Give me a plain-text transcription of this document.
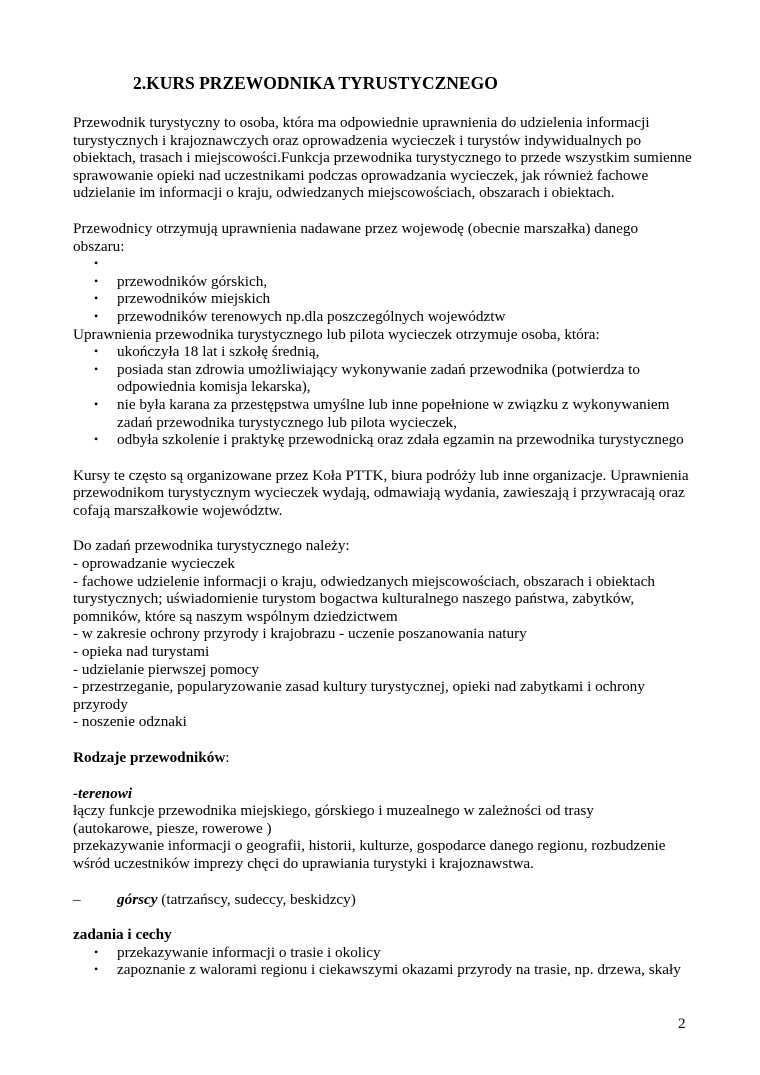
2.KURS PRZEWODNIKA TYRUSTYCZNEGO

Przewodnik turystyczny to osoba, która ma odpowiednie uprawnienia do udzielenia informacji turystycznych i krajoznawczych oraz oprowadzenia wycieczek i turystów indywidualnych po obiektach, trasach i miejscowości.Funkcja przewodnika turystycznego to przede wszystkim sumienne sprawowanie opieki nad uczestnikami podczas oprowadzania wycieczek, jak również fachowe udzielanie im informacji o kraju, odwiedzanych miejscowościach, obszarach i obiektach.

Przewodnicy otrzymują uprawnienia nadawane przez wojewodę (obecnie marszałka) danego obszaru:

•
• przewodników górskich,
• przewodników miejskich
• przewodników terenowych np.dla poszczególnych województw

Uprawnienia przewodnika turystycznego lub pilota wycieczek otrzymuje osoba, która:

• ukończyła 18 lat i szkołę średnią,
• posiada stan zdrowia umożliwiający wykonywanie zadań przewodnika (potwierdza to odpowiednia komisja lekarska),
• nie była karana za przestępstwa umyślne lub inne popełnione w związku z wykonywaniem zadań przewodnika turystycznego lub pilota wycieczek,
• odbyła szkolenie i praktykę przewodnicką oraz zdała egzamin na przewodnika turystycznego

Kursy te często są organizowane przez Koła PTTK, biura podróży lub inne organizacje. Uprawnienia przewodnikom turystycznym wycieczek wydają, odmawiają wydania, zawieszają i przywracają oraz cofają marszałkowie województw.

Do zadań przewodnika turystycznego należy:

- oprowadzanie wycieczek

- fachowe udzielenie informacji o kraju, odwiedzanych miejscowościach, obszarach i obiektach turystycznych; uświadomienie turystom bogactwa kulturalnego naszego państwa, zabytków, pomników, które są naszym wspólnym dziedzictwem

- w zakresie ochrony przyrody i krajobrazu - uczenie poszanowania natury

- opieka nad turystami

- udzielanie pierwszej pomocy

- przestrzeganie, popularyzowanie zasad kultury turystycznej, opieki nad zabytkami i ochrony przyrody

- noszenie odznaki

Rodzaje przewodników:

-terenowi

łączy funkcje przewodnika miejskiego, górskiego i muzealnego w zależności od trasy

(autokarowe, piesze, rowerowe )

przekazywanie informacji o geografii, historii, kulturze, gospodarce danego regionu, rozbudzenie wśród uczestników imprezy chęci do uprawiania turystyki i krajoznawstwa.

– górscy (tatrzańscy, sudeccy, beskidzcy)

zadania i cechy

• przekazywanie informacji o trasie i okolicy
• zapoznanie z walorami regionu i ciekawszymi okazami przyrody na trasie, np. drzewa, skały
2
